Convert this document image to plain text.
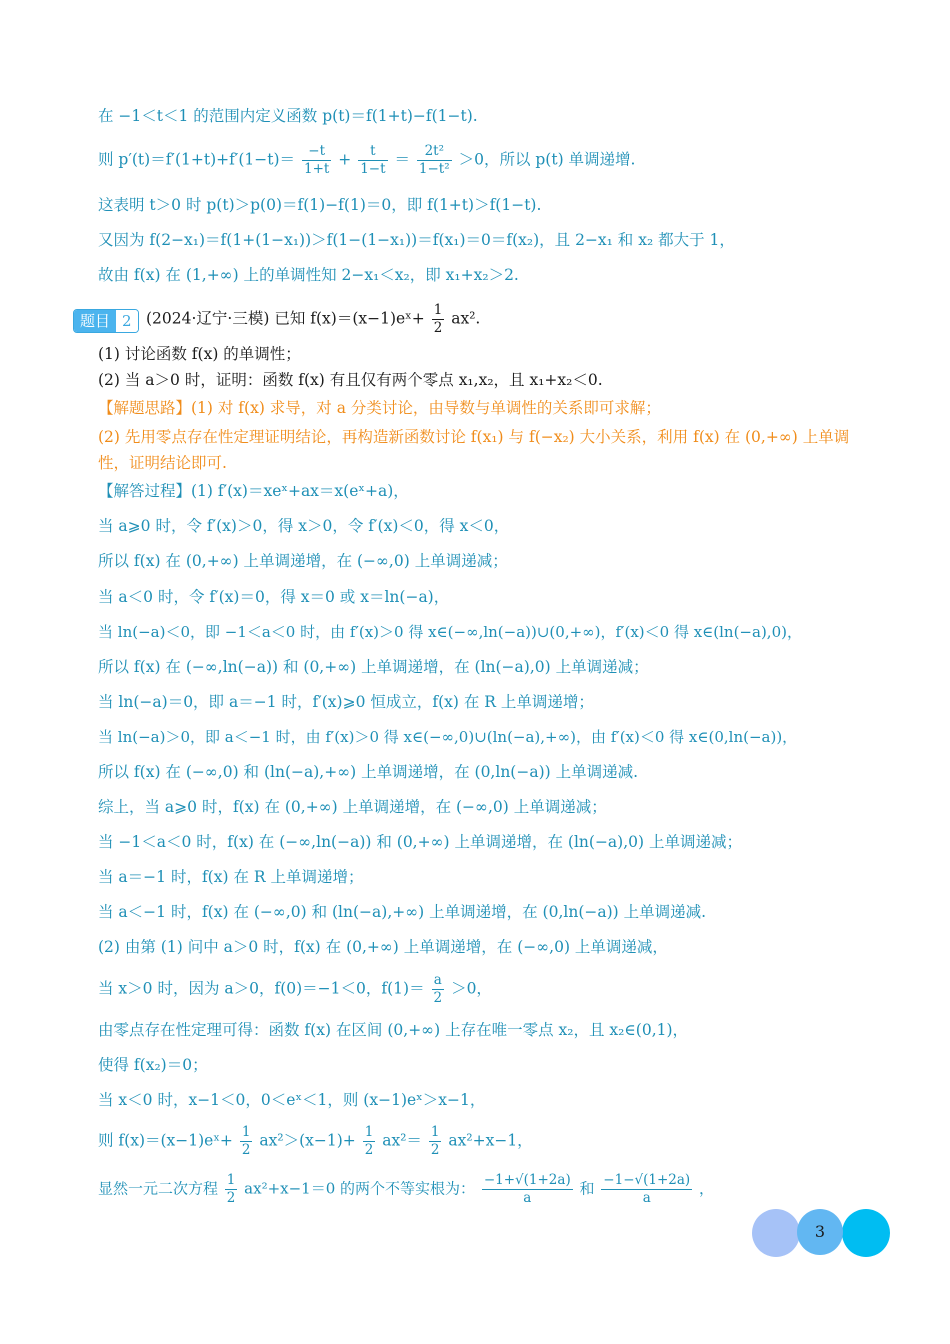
在 −1＜t＜1 的范围内定义函数 p(t)＝f(1+t)−f(1−t).
则 $p'(t)=f'(1+t)+f'(1-t)= \frac{-t}{1+t} + \frac{t}{1-t} = \frac{\text{2t²}}{\text{1−t²}} >0$，所以 p(t) 单调递增.
这表明 t＞0 时 p(t)＞p(0)＝f(1)−f(1)＝0，即 f(1+t)＞f(1−t).
又因为 f(2−x₁)＝f(1+(1−x₁))＞f(1−(1−x₁))＝f(x₁)＝0＝f(x₂)，且 2−x₁ 和 x₂ 都大于 1，
故由 f(x) 在 (1,+∞) 上的单调性知 2−x₁＜x₂，即 x₁+x₂＞2.
题目 2 (2024·辽宁·三模) 已知 f(x)＝(x−1)eˣ+ $\frac{1}{2} ax^2$.
(1) 讨论函数 f(x) 的单调性；
(2) 当 a＞0 时，证明：函数 f(x) 有且仅有两个零点 x₁,x₂，且 x₁+x₂＜0.
【解题思路】(1) 对 f(x) 求导，对 a 分类讨论，由导数与单调性的关系即可求解；
(2) 先用零点存在性定理证明结论，再构造新函数讨论 f(x₁) 与 f(−x₂) 大小关系，利用 f(x) 在 (0,+∞) 上单调性，证明结论即可.
【解答过程】(1) f′(x)＝xeˣ+ax＝x(eˣ+a)，
当 a⩾0 时，令 f′(x)＞0，得 x＞0，令 f′(x)＜0，得 x＜0，
所以 f(x) 在 (0,+∞) 上单调递增，在 (−∞,0) 上单调递减；
当 a＜0 时，令 f′(x)＝0，得 x＝0 或 x＝ln(−a)，
当 ln(−a)＜0，即 −1＜a＜0 时，由 f′(x)＞0 得 x∈(−∞,ln(−a))∪(0,+∞)，f′(x)＜0 得 x∈(ln(−a),0)，
所以 f(x) 在 (−∞,ln(−a)) 和 (0,+∞) 上单调递增，在 (ln(−a),0) 上单调递减；
当 ln(−a)＝0，即 a＝−1 时，f′(x)⩾0 恒成立，f(x) 在 R 上单调递增；
当 ln(−a)＞0，即 a＜−1 时，由 f′(x)＞0 得 x∈(−∞,0)∪(ln(−a),+∞)，由 f′(x)＜0 得 x∈(0,ln(−a))，
所以 f(x) 在 (−∞,0) 和 (ln(−a),+∞) 上单调递增，在 (0,ln(−a)) 上单调递减.
综上，当 a⩾0 时，f(x) 在 (0,+∞) 上单调递增，在 (−∞,0) 上单调递减；
当 −1＜a＜0 时，f(x) 在 (−∞,ln(−a)) 和 (0,+∞) 上单调递增，在 (ln(−a),0) 上单调递减；
当 a＝−1 时，f(x) 在 R 上单调递增；
当 a＜−1 时，f(x) 在 (−∞,0) 和 (ln(−a),+∞) 上单调递增，在 (0,ln(−a)) 上单调递减.
(2) 由第 (1) 问中 a＞0 时，f(x) 在 (0,+∞) 上单调递增，在 (−∞,0) 上单调递减，
当 x＞0 时，因为 a＞0，f(0)＝−1＜0，$f(1)= \frac{a}{2} >0$，
由零点存在性定理可得：函数 f(x) 在区间 (0,+∞) 上存在唯一零点 x₂，且 x₂∈(0,1)，
使得 f(x₂)＝0；
当 x＜0 时，x−1＜0，0＜eˣ＜1，则 (x−1)eˣ＞x−1，
则 f(x)＝(x−1)eˣ+ $\frac{1}{2} ax^2>(x-1)+ \frac{1}{2} ax^2= \frac{1}{2} ax^2+x-1$，
显然一元二次方程 $\frac{1}{2} ax^2+x-1=0$ 的两个不等实根为： $\frac{-1+√(1+2a)}{a}$ 和 $\frac{-1-√(1+2a)}{a}$ ，
3
